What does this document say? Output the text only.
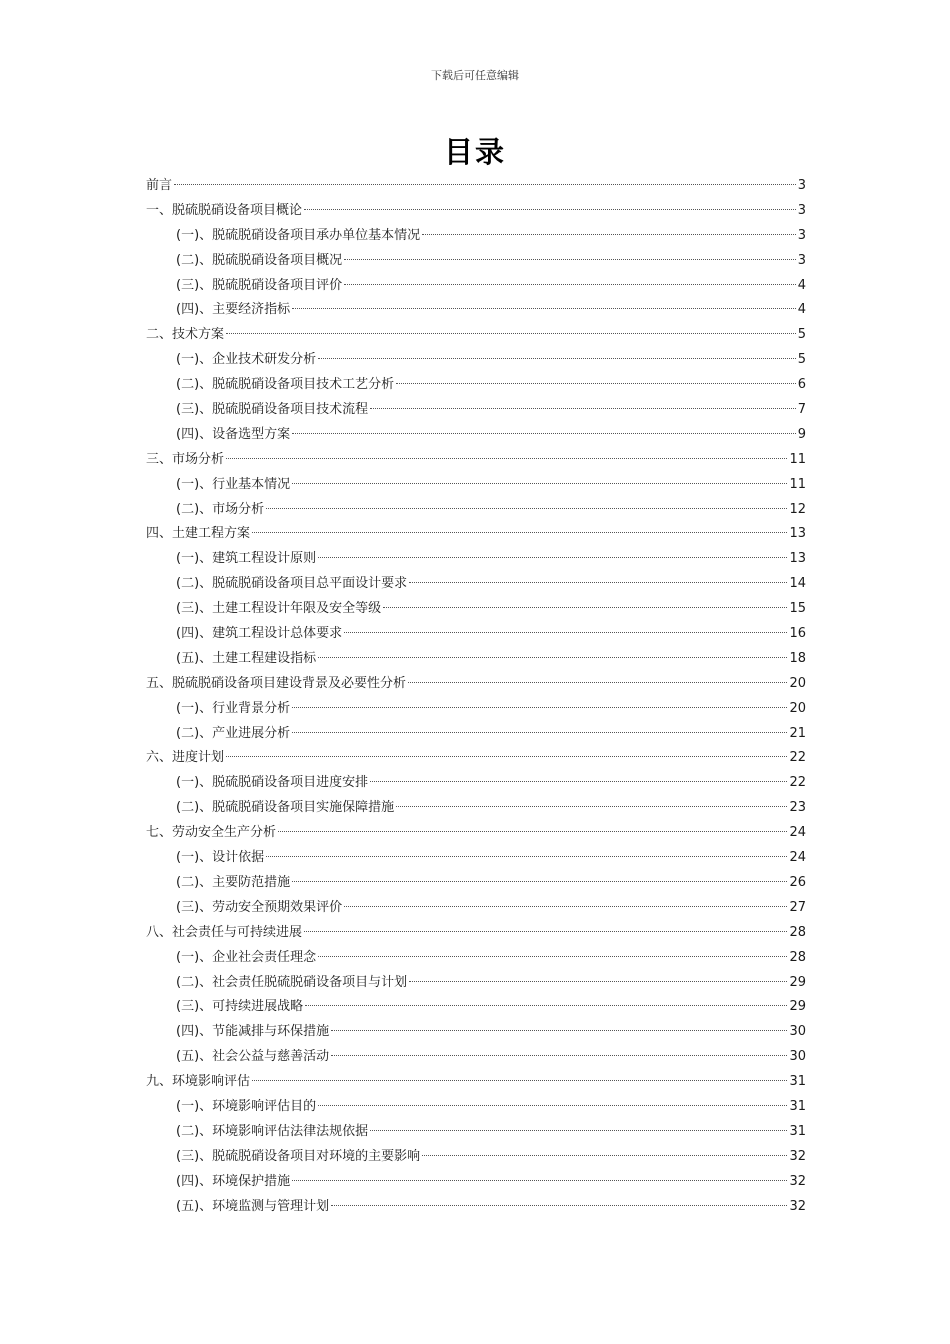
下载后可任意编辑
目录
前言	3
一、脱硫脱硝设备项目概论	3
(一)、脱硫脱硝设备项目承办单位基本情况	3
(二)、脱硫脱硝设备项目概况	3
(三)、脱硫脱硝设备项目评价	4
(四)、主要经济指标	4
二、技术方案	5
(一)、企业技术研发分析	5
(二)、脱硫脱硝设备项目技术工艺分析	6
(三)、脱硫脱硝设备项目技术流程	7
(四)、设备选型方案	9
三、市场分析	11
(一)、行业基本情况	11
(二)、市场分析	12
四、土建工程方案	13
(一)、建筑工程设计原则	13
(二)、脱硫脱硝设备项目总平面设计要求	14
(三)、土建工程设计年限及安全等级	15
(四)、建筑工程设计总体要求	16
(五)、土建工程建设指标	18
五、脱硫脱硝设备项目建设背景及必要性分析	20
(一)、行业背景分析	20
(二)、产业进展分析	21
六、进度计划	22
(一)、脱硫脱硝设备项目进度安排	22
(二)、脱硫脱硝设备项目实施保障措施	23
七、劳动安全生产分析	24
(一)、设计依据	24
(二)、主要防范措施	26
(三)、劳动安全预期效果评价	27
八、社会责任与可持续进展	28
(一)、企业社会责任理念	28
(二)、社会责任脱硫脱硝设备项目与计划	29
(三)、可持续进展战略	29
(四)、节能减排与环保措施	30
(五)、社会公益与慈善活动	30
九、环境影响评估	31
(一)、环境影响评估目的	31
(二)、环境影响评估法律法规依据	31
(三)、脱硫脱硝设备项目对环境的主要影响	32
(四)、环境保护措施	32
(五)、环境监测与管理计划	32
